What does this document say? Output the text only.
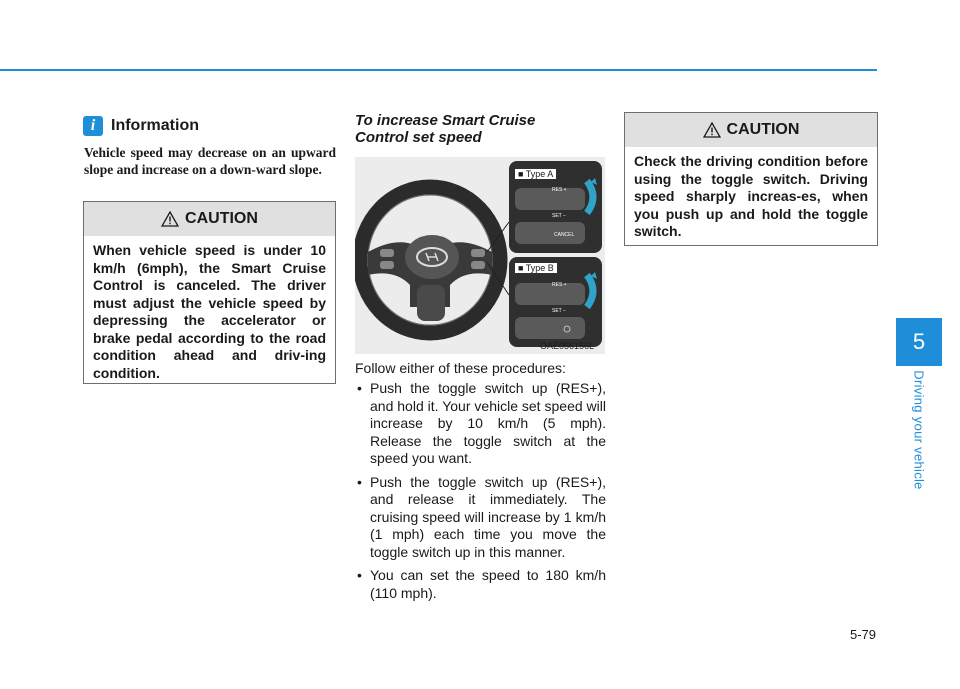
i Information
Vehicle speed may decrease on an upward slope and increase on a down-ward slope.
CAUTION
When vehicle speed is under 10 km/h (6mph), the Smart Cruise Control is canceled. The driver must adjust the vehicle speed by depressing the accelerator or brake pedal according to the road condition ahead and driv-ing condition.
To increase Smart Cruise
Control set speed
RES +
SET −
CANCEL
RES +
SET −
■ Type A
■ Type B
OAE056156L
Follow either of these procedures:
• Push the toggle switch up (RES+), and hold it. Your vehicle set speed will increase by 10 km/h (5 mph). Release the toggle switch at the speed you want.
• Push the toggle switch up (RES+), and release it immediately. The cruising speed will increase by 1 km/h (1 mph) each time you move the toggle switch up in this manner.
• You can set the speed to 180 km/h (110 mph).
CAUTION
Check the driving condition before using the toggle switch. Driving speed sharply increas-es, when you push up and hold the toggle switch.
5
Driving your vehicle
5-79
